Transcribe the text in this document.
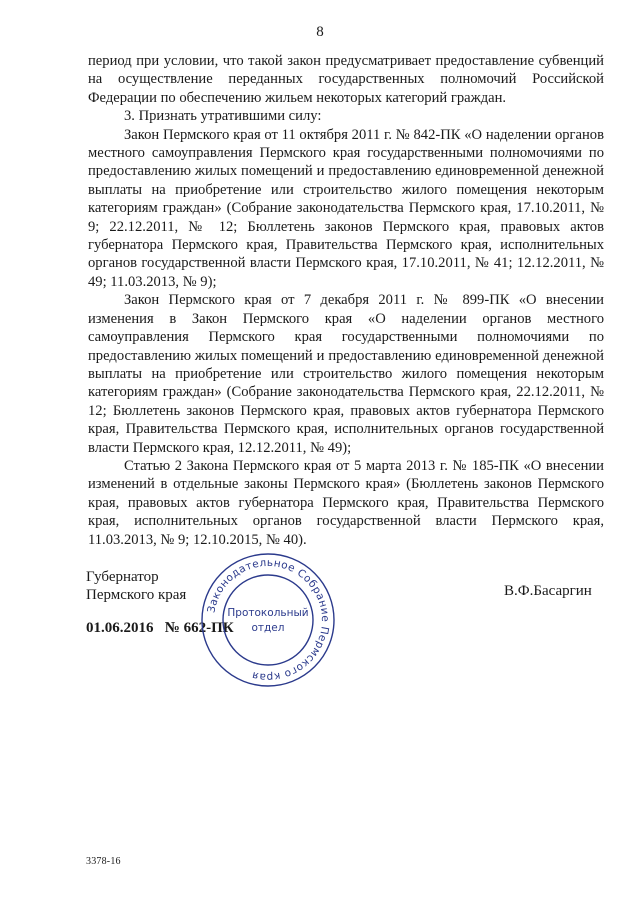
8

период при условии, что такой закон предусматривает предоставление субвенций на осуществление переданных государственных полномочий Российской Федерации по обеспечению жильем некоторых категорий граждан.

3. Признать утратившими силу:

Закон Пермского края от 11 октября 2011 г. № 842-ПК «О наделении органов местного самоуправления Пермского края государственными полномочиями по предоставлению жилых помещений и предоставлению единовременной денежной выплаты на приобретение или строительство жилого помещения некоторым категориям граждан» (Собрание законодательства Пермского края, 17.10.2011, № 9; 22.12.2011, № 12; Бюллетень законов Пермского края, правовых актов губернатора Пермского края, Правительства Пермского края, исполнительных органов государственной власти Пермского края, 17.10.2011, № 41; 12.12.2011, № 49; 11.03.2013, № 9);

Закон Пермского края от 7 декабря 2011 г. № 899-ПК «О внесении изменения в Закон Пермского края «О наделении органов местного самоуправления Пермского края государственными полномочиями по предоставлению жилых помещений и предоставлению единовременной денежной выплаты на приобретение или строительство жилого помещения некоторым категориям граждан» (Собрание законодательства Пермского края, 22.12.2011, № 12; Бюллетень законов Пермского края, правовых актов губернатора Пермского края, Правительства Пермского края, исполнительных органов государственной власти Пермского края, 12.12.2011, № 49);

Статью 2 Закона Пермского края от 5 марта 2013 г. № 185-ПК «О внесении изменений в отдельные законы Пермского края» (Бюллетень законов Пермского края, правовых актов губернатора Пермского края, Правительства Пермского края, исполнительных органов государственной власти Пермского края, 11.03.2013, № 9; 12.10.2015, № 40).

Губернатор
Пермского края	В.Ф.Басаргин
01.06.2016 № 662-ПК
Законодательное Собрание Пермского края
Протокольный
отдел
3378-16
